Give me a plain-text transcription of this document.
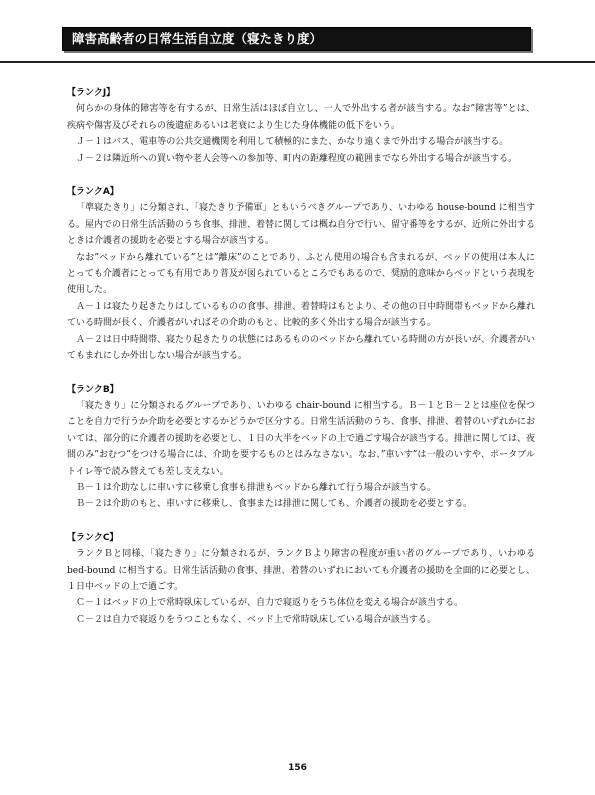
障害高齢者の日常生活自立度（寝たきり度）
【ランクJ】

何らかの身体的障害等を有するが、日常生活はほぼ自立し、一人で外出する者が該当する。なお”障害等”とは、疾病や傷害及びそれらの後遺症あるいは老衰により生じた身体機能の低下をいう。

Ｊ－１はバス、電車等の公共交通機関を利用して積極的にまた、かなり遠くまで外出する場合が該当する。

Ｊ－２は隣近所への買い物や老人会等への参加等、町内の距離程度の範囲までなら外出する場合が該当する。

【ランクA】

「準寝たきり」に分類され、「寝たきり予備軍」ともいうべきグループであり、いわゆる house-bound に相当する。屋内での日常生活活動のうち食事、排泄、着替に関しては概ね自分で行い、留守番等をするが、近所に外出するときは介護者の援助を必要とする場合が該当する。

なお”ベッドから離れている”とは”離床”のことであり、ふとん使用の場合も含まれるが、ベッドの使用は本人にとっても介護者にとっても有用であり普及が図られているところでもあるので、奨励的意味からベッドという表現を使用した。

Ａ－１は寝たり起きたりはしているものの食事、排泄、着替時はもとより、その他の日中時間帯もベッドから離れている時間が長く、介護者がいればその介助のもと、比較的多く外出する場合が該当する。

Ａ－２は日中時間帯、寝たり起きたりの状態にはあるもののベッドから離れている時間の方が長いが、介護者がいてもまれにしか外出しない場合が該当する。

【ランクB】

「寝たきり」に分類されるグループであり、いわゆる chair-bound に相当する。Ｂ－１とＢ－２とは座位を保つことを自力で行うか介助を必要とするかどうかで区分する。日常生活活動のうち、食事、排泄、着替のいずれかにおいては、部分的に介護者の援助を必要とし、１日の大半をベッドの上で過ごす場合が該当する。排泄に関しては、夜間のみ”おむつ”をつける場合には、介助を要するものとはみなさない。なお、”車いす”は一般のいすや、ポータブルトイレ等で読み替えても差し支えない。

Ｂ－１は介助なしに車いすに移乗し食事も排泄もベッドから離れて行う場合が該当する。

Ｂ－２は介助のもと、車いすに移乗し、食事または排泄に関しても、介護者の援助を必要とする。

【ランクC】

ランクＢと同様、「寝たきり」に分類されるが、ランクＢより障害の程度が重い者のグループであり、いわゆる bed-bound に相当する。日常生活活動の食事、排泄、着替のいずれにおいても介護者の援助を全面的に必要とし、１日中ベッドの上で過ごす。

Ｃ－１はベッドの上で常時臥床しているが、自力で寝返りをうち体位を変える場合が該当する。

Ｃ－２は自力で寝返りをうつこともなく、ベッド上で常時臥床している場合が該当する。

156
